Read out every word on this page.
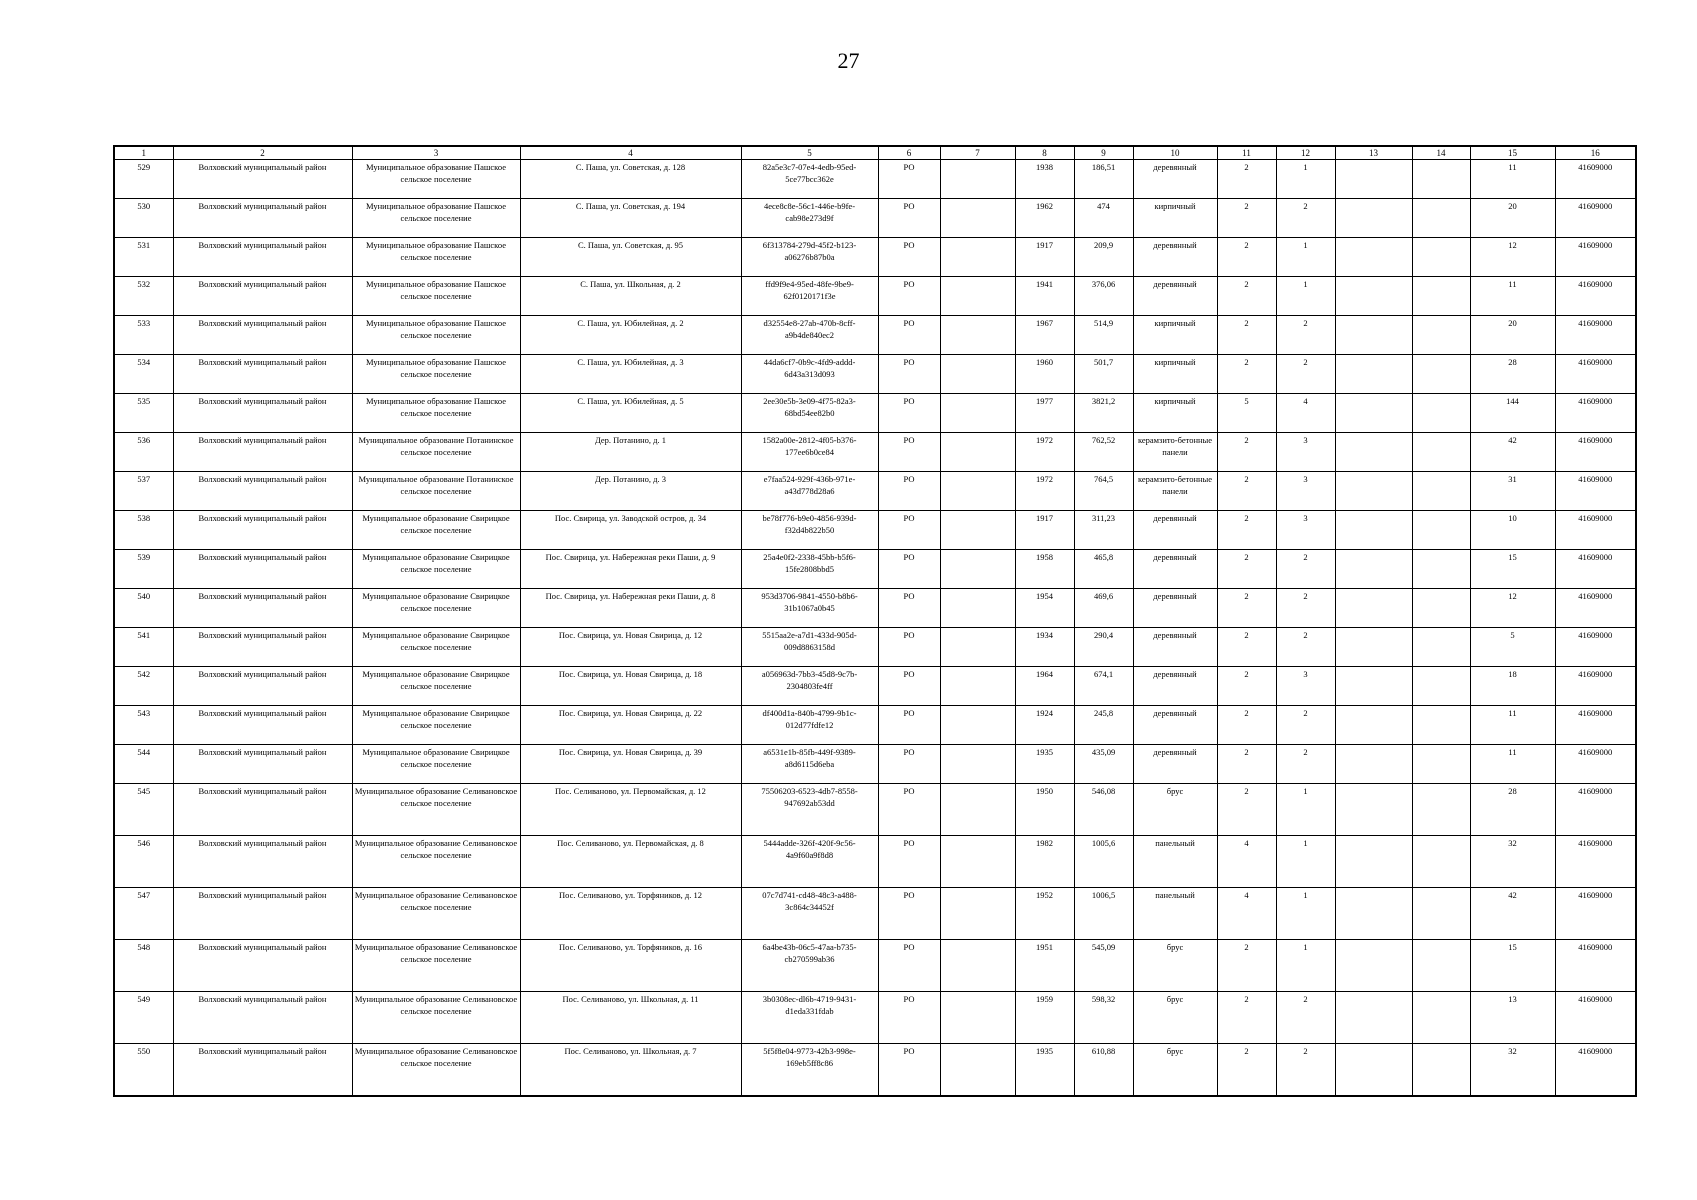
27
1	2	3	4	5	6	7	8	9	10	11	12	13	14	15	16
529	Волховский муниципальный район	Муниципальное образование Пашское сельское поселение	С. Паша, ул. Советская, д. 128	82a5e3c7-07e4-4edb-95ed-5ce77bcc362e	РО		1938	186,51	деревянный	2	1			11	41609000
530	Волховский муниципальный район	Муниципальное образование Пашское сельское поселение	С. Паша, ул. Советская, д. 194	4ece8c8e-56c1-446e-b9fe-cab98e273d9f	РО		1962	474	кирпичный	2	2			20	41609000
531	Волховский муниципальный район	Муниципальное образование Пашское сельское поселение	С. Паша, ул. Советская, д. 95	6f313784-279d-45f2-b123-a06276b87b0a	РО		1917	209,9	деревянный	2	1			12	41609000
532	Волховский муниципальный район	Муниципальное образование Пашское сельское поселение	С. Паша, ул. Школьная, д. 2	ffd9f9e4-95ed-48fe-9be9-62f0120171f3e	РО		1941	376,06	деревянный	2	1			11	41609000
533	Волховский муниципальный район	Муниципальное образование Пашское сельское поселение	С. Паша, ул. Юбилейная, д. 2	d32554e8-27ab-470b-8cff-a9b4de840ec2	РО		1967	514,9	кирпичный	2	2			20	41609000
534	Волховский муниципальный район	Муниципальное образование Пашское сельское поселение	С. Паша, ул. Юбилейная, д. 3	44da6cf7-0b9c-4fd9-addd-6d43a313d093	РО		1960	501,7	кирпичный	2	2			28	41609000
535	Волховский муниципальный район	Муниципальное образование Пашское сельское поселение	С. Паша, ул. Юбилейная, д. 5	2ee30e5b-3e09-4f75-82a3-68bd54ee82b0	РО		1977	3821,2	кирпичный	5	4			144	41609000
536	Волховский муниципальный район	Муниципальное образование Потанинское сельское поселение	Дер. Потанино, д. 1	1582a00e-2812-4f05-b376-177ee6b0ce84	РО		1972	762,52	керамзито-бетонные панели	2	3			42	41609000
537	Волховский муниципальный район	Муниципальное образование Потанинское сельское поселение	Дер. Потанино, д. 3	e7faa524-929f-436b-971e-a43d778d28a6	РО		1972	764,5	керамзито-бетонные панели	2	3			31	41609000
538	Волховский муниципальный район	Муниципальное образование Свирицкое сельское поселение	Пос. Свирица, ул. Заводской остров, д. 34	be78f776-b9e0-4856-939d-f32d4b822b50	РО		1917	311,23	деревянный	2	3			10	41609000
539	Волховский муниципальный район	Муниципальное образование Свирицкое сельское поселение	Пос. Свирица, ул. Набережная реки Паши, д. 9	25a4e0f2-2338-45bb-b5f6-15fe2808bbd5	РО		1958	465,8	деревянный	2	2			15	41609000
540	Волховский муниципальный район	Муниципальное образование Свирицкое сельское поселение	Пос. Свирица, ул. Набережная реки Паши, д. 8	953d3706-9841-4550-b8b6-31b1067a0b45	РО		1954	469,6	деревянный	2	2			12	41609000
541	Волховский муниципальный район	Муниципальное образование Свирицкое сельское поселение	Пос. Свирица, ул. Новая Свирица, д. 12	5515aa2e-a7d1-433d-905d-009d8863158d	РО		1934	290,4	деревянный	2	2			5	41609000
542	Волховский муниципальный район	Муниципальное образование Свирицкое сельское поселение	Пос. Свирица, ул. Новая Свирица, д. 18	a056963d-7bb3-45d8-9c7b-2304803fe4ff	РО		1964	674,1	деревянный	2	3			18	41609000
543	Волховский муниципальный район	Муниципальное образование Свирицкое сельское поселение	Пос. Свирица, ул. Новая Свирица, д. 22	df400d1a-840b-4799-9b1c-012d77fdfe12	РО		1924	245,8	деревянный	2	2			11	41609000
544	Волховский муниципальный район	Муниципальное образование Свирицкое сельское поселение	Пос. Свирица, ул. Новая Свирица, д. 39	a6531e1b-85fb-449f-9389-a8d6115d6eba	РО		1935	435,09	деревянный	2	2			11	41609000
545	Волховский муниципальный район	Муниципальное образование Селивановское сельское поселение	Пос. Селиваново, ул. Первомайская, д. 12	75506203-6523-4db7-8558-947692ab53dd	РО		1950	546,08	брус	2	1			28	41609000
546	Волховский муниципальный район	Муниципальное образование Селивановское сельское поселение	Пос. Селиваново, ул. Первомайская, д. 8	5444adde-326f-420f-9c56-4a9f60a9f8d8	РО		1982	1005,6	панельный	4	1			32	41609000
547	Волховский муниципальный район	Муниципальное образование Селивановское сельское поселение	Пос. Селиваново, ул. Торфяников, д. 12	07c7d741-cd48-48c3-a488-3c864c34452f	РО		1952	1006,5	панельный	4	1			42	41609000
548	Волховский муниципальный район	Муниципальное образование Селивановское сельское поселение	Пос. Селиваново, ул. Торфяников, д. 16	6a4be43b-06c5-47aa-b735-cb270599ab36	РО		1951	545,09	брус	2	1			15	41609000
549	Волховский муниципальный район	Муниципальное образование Селивановское сельское поселение	Пос. Селиваново, ул. Школьная, д. 11	3b0308ec-dl6b-4719-9431-d1eda331fdab	РО		1959	598,32	брус	2	2			13	41609000
550	Волховский муниципальный район	Муниципальное образование Селивановское сельское поселение	Пос. Селиваново, ул. Школьная, д. 7	5f5f8e04-9773-42b3-998e-169eb5ff8c86	РО		1935	610,88	брус	2	2			32	41609000
